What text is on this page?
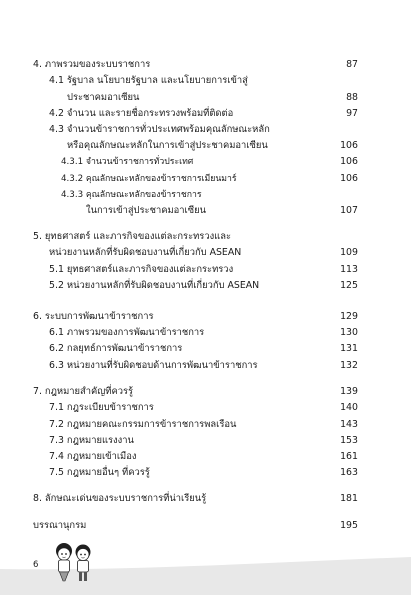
4. ภาพรวมของระบบราชการ	87
4.1 รัฐบาล นโยบายรัฐบาล และนโยบายการเข้าสู่
ประชาคมอาเซียน	88
4.2 จำนวน และรายชื่อกระทรวงพร้อมที่ติดต่อ	97
4.3 จำนวนข้าราชการทั่วประเทศพร้อมคุณลักษณะหลัก
หรือคุณลักษณะหลักในการเข้าสู่ประชาคมอาเซียน	106
4.3.1 จำนวนข้าราชการทั่วประเทศ	106
4.3.2 คุณลักษณะหลักของข้าราชการเมียนมาร์	106
4.3.3 คุณลักษณะหลักของข้าราชการ
ในการเข้าสู่ประชาคมอาเซียน	107
5. ยุทธศาสตร์ และภารกิจของแต่ละกระทรวงและ
หน่วยงานหลักที่รับผิดชอบงานที่เกี่ยวกับ ASEAN	109
5.1 ยุทธศาสตร์และภารกิจของแต่ละกระทรวง	113
5.2 หน่วยงานหลักที่รับผิดชอบงานที่เกี่ยวกับ ASEAN	125
6. ระบบการพัฒนาข้าราชการ	129
6.1 ภาพรวมของการพัฒนาข้าราชการ	130
6.2 กลยุทธ์การพัฒนาข้าราชการ	131
6.3 หน่วยงานที่รับผิดชอบด้านการพัฒนาข้าราชการ	132
7. กฎหมายสำคัญที่ควรรู้	139
7.1 กฎระเบียบข้าราชการ	140
7.2 กฎหมายคณะกรรมการข้าราชการพลเรือน	143
7.3 กฎหมายแรงงาน	153
7.4 กฎหมายเข้าเมือง	161
7.5 กฎหมายอื่นๆ ที่ควรรู้	163
8. ลักษณะเด่นของระบบราชการที่น่าเรียนรู้	181
บรรณานุกรม	195
6
